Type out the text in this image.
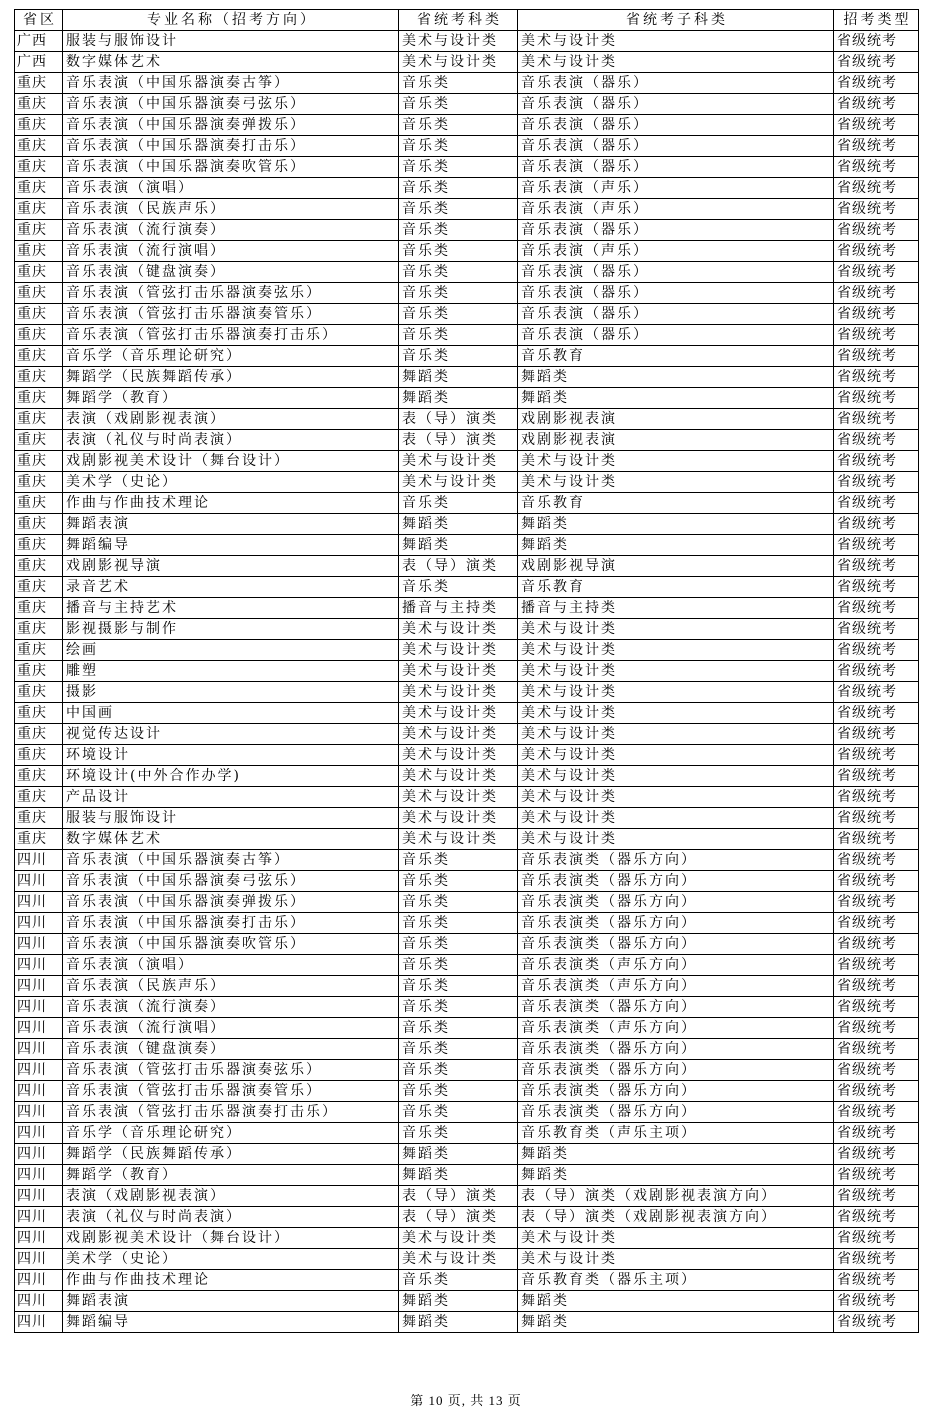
省区	专业名称（招考方向）	省统考科类	省统考子科类	招考类型
广西	服装与服饰设计	美术与设计类	美术与设计类	省级统考
广西	数字媒体艺术	美术与设计类	美术与设计类	省级统考
重庆	音乐表演（中国乐器演奏古筝）	音乐类	音乐表演（器乐）	省级统考
重庆	音乐表演（中国乐器演奏弓弦乐）	音乐类	音乐表演（器乐）	省级统考
重庆	音乐表演（中国乐器演奏弹拨乐）	音乐类	音乐表演（器乐）	省级统考
重庆	音乐表演（中国乐器演奏打击乐）	音乐类	音乐表演（器乐）	省级统考
重庆	音乐表演（中国乐器演奏吹管乐）	音乐类	音乐表演（器乐）	省级统考
重庆	音乐表演（演唱）	音乐类	音乐表演（声乐）	省级统考
重庆	音乐表演（民族声乐）	音乐类	音乐表演（声乐）	省级统考
重庆	音乐表演（流行演奏）	音乐类	音乐表演（器乐）	省级统考
重庆	音乐表演（流行演唱）	音乐类	音乐表演（声乐）	省级统考
重庆	音乐表演（键盘演奏）	音乐类	音乐表演（器乐）	省级统考
重庆	音乐表演（管弦打击乐器演奏弦乐）	音乐类	音乐表演（器乐）	省级统考
重庆	音乐表演（管弦打击乐器演奏管乐）	音乐类	音乐表演（器乐）	省级统考
重庆	音乐表演（管弦打击乐器演奏打击乐）	音乐类	音乐表演（器乐）	省级统考
重庆	音乐学（音乐理论研究）	音乐类	音乐教育	省级统考
重庆	舞蹈学（民族舞蹈传承）	舞蹈类	舞蹈类	省级统考
重庆	舞蹈学（教育）	舞蹈类	舞蹈类	省级统考
重庆	表演（戏剧影视表演）	表（导）演类	戏剧影视表演	省级统考
重庆	表演（礼仪与时尚表演）	表（导）演类	戏剧影视表演	省级统考
重庆	戏剧影视美术设计（舞台设计）	美术与设计类	美术与设计类	省级统考
重庆	美术学（史论）	美术与设计类	美术与设计类	省级统考
重庆	作曲与作曲技术理论	音乐类	音乐教育	省级统考
重庆	舞蹈表演	舞蹈类	舞蹈类	省级统考
重庆	舞蹈编导	舞蹈类	舞蹈类	省级统考
重庆	戏剧影视导演	表（导）演类	戏剧影视导演	省级统考
重庆	录音艺术	音乐类	音乐教育	省级统考
重庆	播音与主持艺术	播音与主持类	播音与主持类	省级统考
重庆	影视摄影与制作	美术与设计类	美术与设计类	省级统考
重庆	绘画	美术与设计类	美术与设计类	省级统考
重庆	雕塑	美术与设计类	美术与设计类	省级统考
重庆	摄影	美术与设计类	美术与设计类	省级统考
重庆	中国画	美术与设计类	美术与设计类	省级统考
重庆	视觉传达设计	美术与设计类	美术与设计类	省级统考
重庆	环境设计	美术与设计类	美术与设计类	省级统考
重庆	环境设计(中外合作办学)	美术与设计类	美术与设计类	省级统考
重庆	产品设计	美术与设计类	美术与设计类	省级统考
重庆	服装与服饰设计	美术与设计类	美术与设计类	省级统考
重庆	数字媒体艺术	美术与设计类	美术与设计类	省级统考
四川	音乐表演（中国乐器演奏古筝）	音乐类	音乐表演类（器乐方向）	省级统考
四川	音乐表演（中国乐器演奏弓弦乐）	音乐类	音乐表演类（器乐方向）	省级统考
四川	音乐表演（中国乐器演奏弹拨乐）	音乐类	音乐表演类（器乐方向）	省级统考
四川	音乐表演（中国乐器演奏打击乐）	音乐类	音乐表演类（器乐方向）	省级统考
四川	音乐表演（中国乐器演奏吹管乐）	音乐类	音乐表演类（器乐方向）	省级统考
四川	音乐表演（演唱）	音乐类	音乐表演类（声乐方向）	省级统考
四川	音乐表演（民族声乐）	音乐类	音乐表演类（声乐方向）	省级统考
四川	音乐表演（流行演奏）	音乐类	音乐表演类（器乐方向）	省级统考
四川	音乐表演（流行演唱）	音乐类	音乐表演类（声乐方向）	省级统考
四川	音乐表演（键盘演奏）	音乐类	音乐表演类（器乐方向）	省级统考
四川	音乐表演（管弦打击乐器演奏弦乐）	音乐类	音乐表演类（器乐方向）	省级统考
四川	音乐表演（管弦打击乐器演奏管乐）	音乐类	音乐表演类（器乐方向）	省级统考
四川	音乐表演（管弦打击乐器演奏打击乐）	音乐类	音乐表演类（器乐方向）	省级统考
四川	音乐学（音乐理论研究）	音乐类	音乐教育类（声乐主项）	省级统考
四川	舞蹈学（民族舞蹈传承）	舞蹈类	舞蹈类	省级统考
四川	舞蹈学（教育）	舞蹈类	舞蹈类	省级统考
四川	表演（戏剧影视表演）	表（导）演类	表（导）演类（戏剧影视表演方向）	省级统考
四川	表演（礼仪与时尚表演）	表（导）演类	表（导）演类（戏剧影视表演方向）	省级统考
四川	戏剧影视美术设计（舞台设计）	美术与设计类	美术与设计类	省级统考
四川	美术学（史论）	美术与设计类	美术与设计类	省级统考
四川	作曲与作曲技术理论	音乐类	音乐教育类（器乐主项）	省级统考
四川	舞蹈表演	舞蹈类	舞蹈类	省级统考
四川	舞蹈编导	舞蹈类	舞蹈类	省级统考
第 10 页, 共 13 页
